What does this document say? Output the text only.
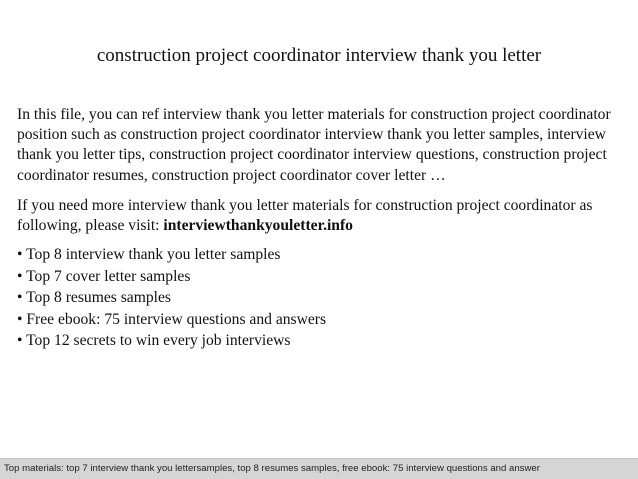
construction project coordinator interview thank you letter

In this file, you can ref interview thank you letter materials for construction project coordinator position such as construction project coordinator interview thank you letter samples, interview thank you letter tips, construction project coordinator interview questions, construction project coordinator resumes, construction project coordinator cover letter …

If you need more interview thank you letter materials for construction project coordinator as following, please visit: interviewthankyouletter.info

• Top 8 interview thank you letter samples
• Top 7 cover letter samples
• Top 8 resumes samples
• Free ebook: 75 interview questions and answers
• Top 12 secrets to win every job interviews
Top materials: top 7 interview thank you lettersamples, top 8 resumes samples, free ebook: 75 interview questions and answer
